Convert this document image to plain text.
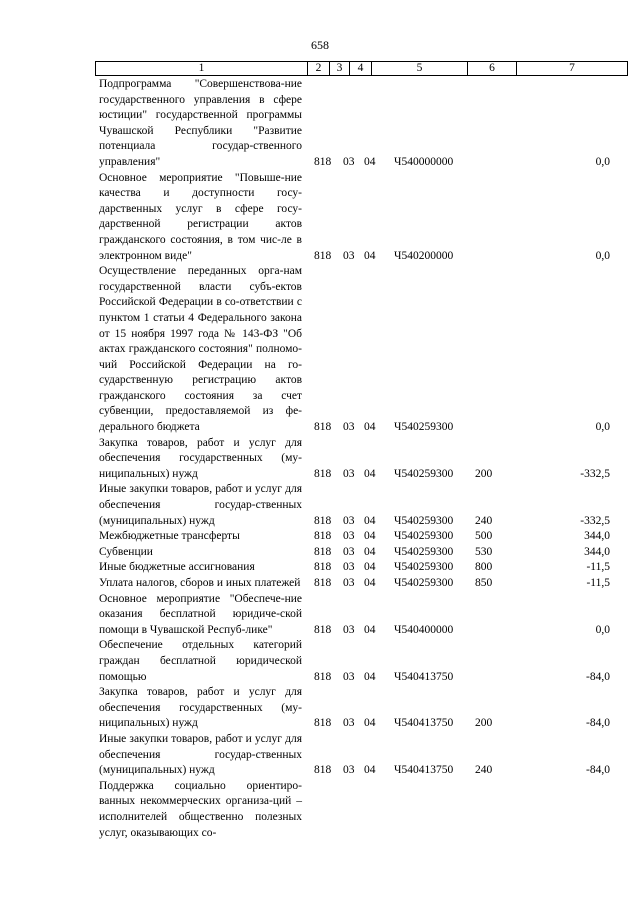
658
1	2	3	4	5	6	7
Подпрограмма "Совершенствова-ние государственного управления в сфере юстиции" государственной программы Чувашской Республики "Развитие потенциала государ-ственного управления"	818 03 04 Ч540000000	0,0
Основное мероприятие "Повыше-ние качества и доступности госу-дарственных услуг в сфере госу-дарственной регистрации актов гражданского состояния, в том чис-ле в электронном виде"	818 03 04 Ч540200000	0,0
Осуществление переданных орга-нам государственной власти субъ-ектов Российской Федерации в со-ответствии с пунктом 1 статьи 4 Федерального закона от 15 ноября 1997 года № 143-ФЗ "Об актах гражданского состояния" полномо-чий Российской Федерации на го-сударственную регистрацию актов гражданского состояния за счет субвенции, предоставляемой из фе-дерального бюджета	818 03 04 Ч540259300	0,0
Закупка товаров, работ и услуг для обеспечения государственных (му-ниципальных) нужд	818 03 04 Ч540259300 200	-332,5
Иные закупки товаров, работ и услуг для обеспечения государ-ственных (муниципальных) нужд	818 03 04 Ч540259300 240	-332,5
Межбюджетные трансферты	818 03 04 Ч540259300 500	344,0
Субвенции	818 03 04 Ч540259300 530	344,0
Иные бюджетные ассигнования	818 03 04 Ч540259300 800	-11,5
Уплата налогов, сборов и иных платежей 818 03 04 Ч540259300 850	-11,5
Основное мероприятие "Обеспече-ние оказания бесплатной юридиче-ской помощи в Чувашской Респуб-лике"	818 03 04 Ч540400000	0,0
Обеспечение отдельных категорий граждан бесплатной юридической помощью	818 03 04 Ч540413750	-84,0
Закупка товаров, работ и услуг для обеспечения государственных (му-ниципальных) нужд	818 03 04 Ч540413750 200	-84,0
Иные закупки товаров, работ и услуг для обеспечения государ-ственных (муниципальных) нужд	818 03 04 Ч540413750 240	-84,0
Поддержка социально ориентиро-ванных некоммерческих организа-ций – исполнителей общественно полезных услуг, оказывающих со-
